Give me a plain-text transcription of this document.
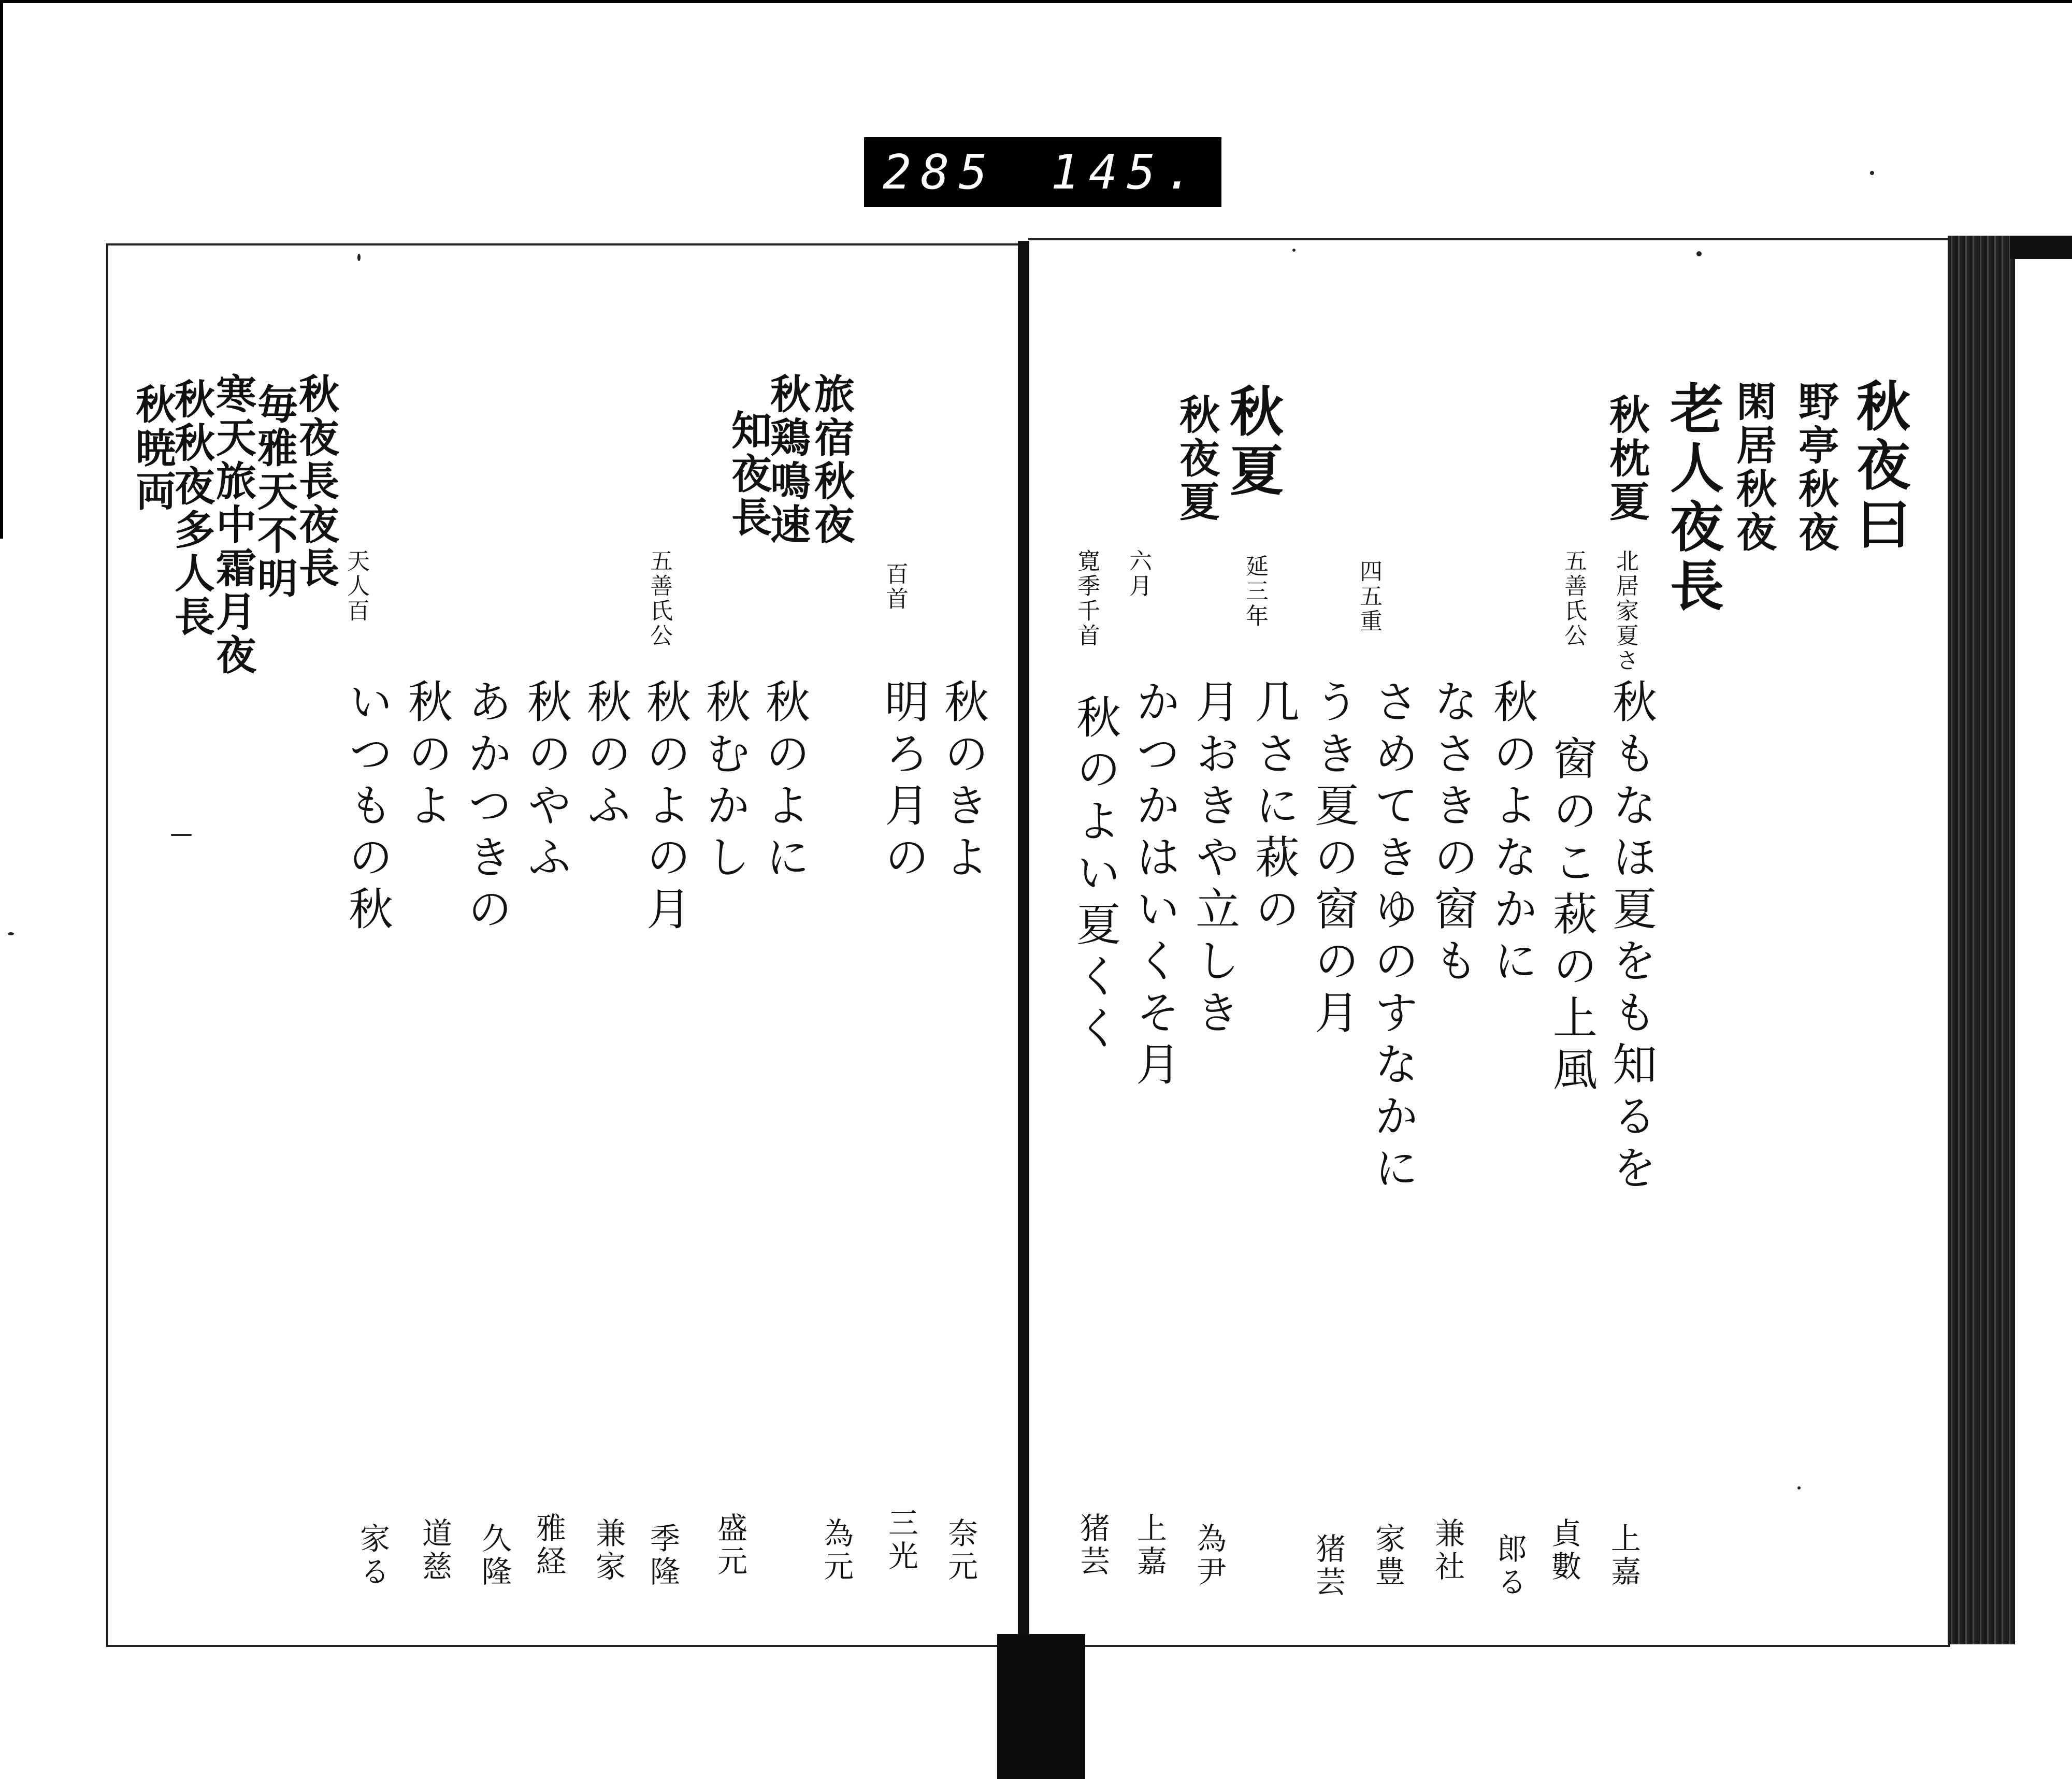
285 145.
秋夜曰
野亭秋夜
閑居秋夜
老人夜長
秋枕夏
秋夏
秋夜夏
北居家夏さ
五善氏公
四五重
延三年
六月
寛季千首
秋もなほ夏をも知るを
窗のこ萩の上風
秋のよなかに
なさきの窗も
さめてきゆのすなかに
うき夏の窗の月
几さに萩の
月おきや立しき
かつかはいくそ月
秋のよい夏くく
上嘉
貞數
郎る
兼社
家豊
猪芸
為尹
上嘉
猪芸
旅宿秋夜
秋鶏鳴速
知夜長
秋夜長夜長
毎雅天不明
寒天旅中霜月夜
秋秋夜多人長
秋暁両
百首
五善氏公
天人百
秋のきよ
明ろ月の
秋のよに
秋むかし
秋のよの月
秋のふ
秋のやふ
あかつきの
秋のよ
いつもの秋
奈元
三光
為元
盛元
季隆
兼家
雅経
久隆
道慈
家る
